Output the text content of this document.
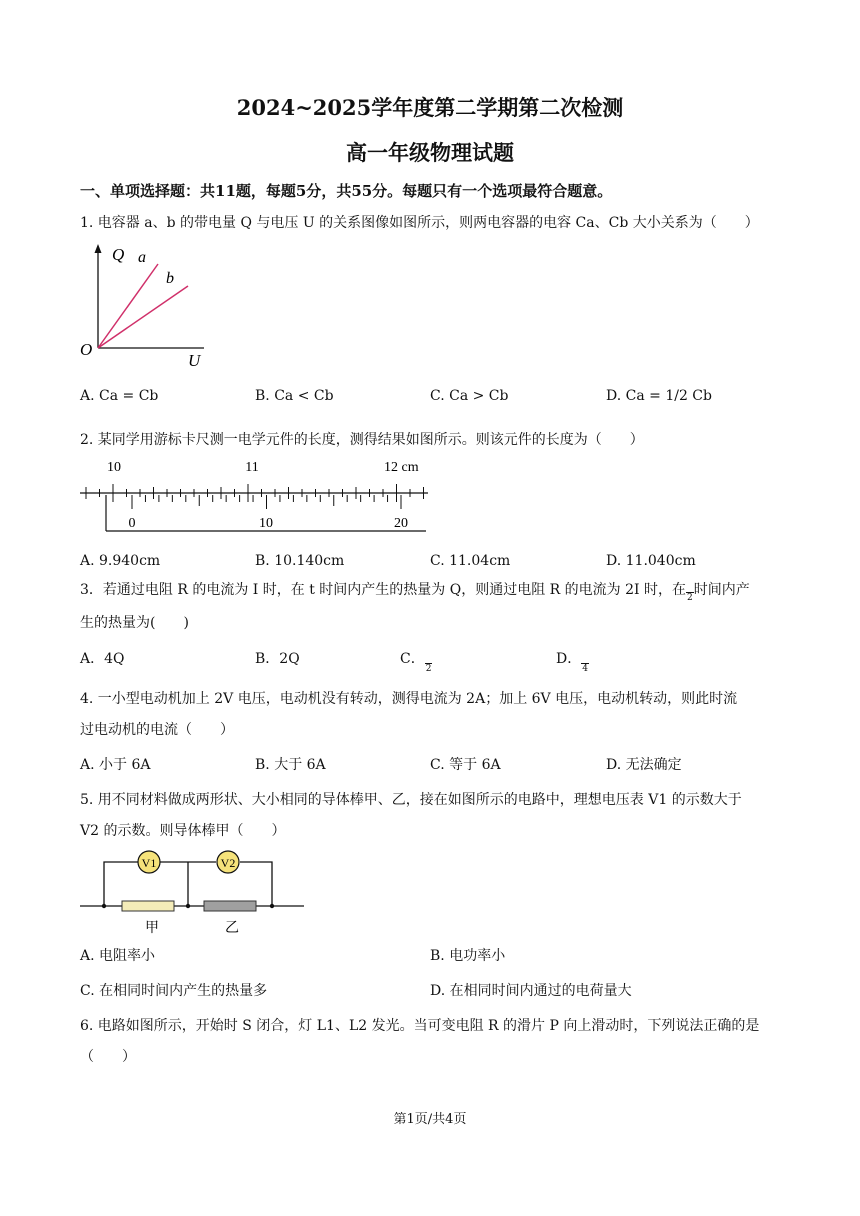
2024~2025学年度第二学期第二次检测
高一年级物理试题
一、单项选择题：共11题，每题5分，共55分。每题只有一个选项最符合题意。
1. 电容器 a、b 的带电量 Q 与电压 U 的关系图像如图所示，则两电容器的电容 Ca、Cb 大小关系为（　　）
Q a
b
O
U
A. Ca = Cb	B. Ca < Cb	C. Ca > Cb	D. Ca = 1/2 Cb
2. 某同学用游标卡尺测一电学元件的长度，测得结果如图所示。则该元件的长度为（　　）
10	11	12 cm
0	10	20
A. 9.940cm	B. 10.140cm	C. 11.04cm	D. 11.040cm
3．若通过电阻 R 的电流为 I 时，在 t 时间内产生的热量为 Q，则通过电阻 R 的电流为 2I 时，在2时间内产
生的热量为(　　)
A．4Q	B．2Q	C．2
D．4
4. 一小型电动机加上 2V 电压，电动机没有转动，测得电流为 2A；加上 6V 电压，电动机转动，则此时流
过电动机的电流（　　）
A. 小于 6A	B. 大于 6A	C. 等于 6A	D. 无法确定
5. 用不同材料做成两形状、大小相同的导体棒甲、乙，接在如图所示的电路中，理想电压表 V1 的示数大于
V2 的示数。则导体棒甲（　　）
V1	V2
甲	乙
A. 电阻率小	B. 电功率小
C. 在相同时间内产生的热量多	D. 在相同时间内通过的电荷量大
6. 电路如图所示，开始时 S 闭合，灯 L1、L2 发光。当可变电阻 R 的滑片 P 向上滑动时，下列说法正确的是
（　　）
第1页/共4页
